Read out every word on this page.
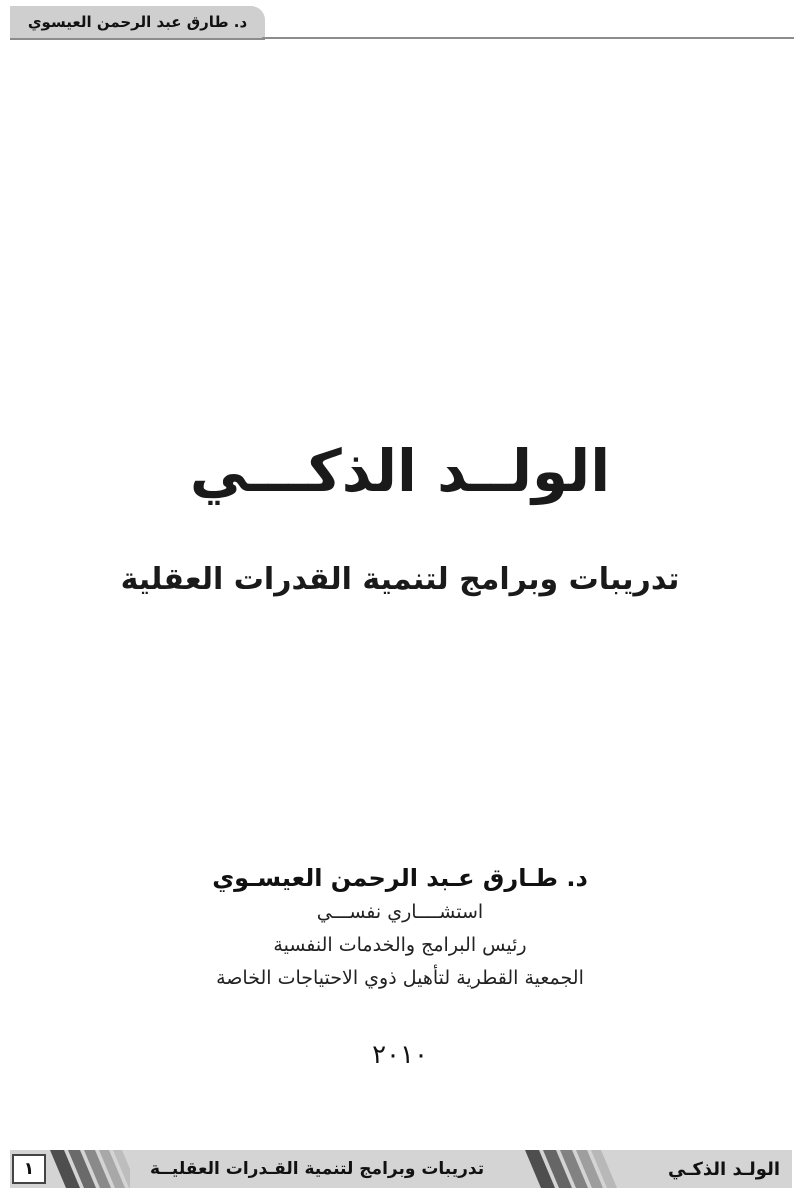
د. طارق عبد الرحمن العيسوي
الولــد الذكـــي
تدريبات وبرامج لتنمية القدرات العقلية
د. طـارق عـبد الرحمن العيسـوي
استشــــاري نفســـي
رئيس البرامج والخدمات النفسية
الجمعية القطرية لتأهيل ذوي الاحتياجات الخاصة
٢٠١٠
١	تدريبات وبرامج لتنمية القـدرات العقليــة	الولـد الذكـي
